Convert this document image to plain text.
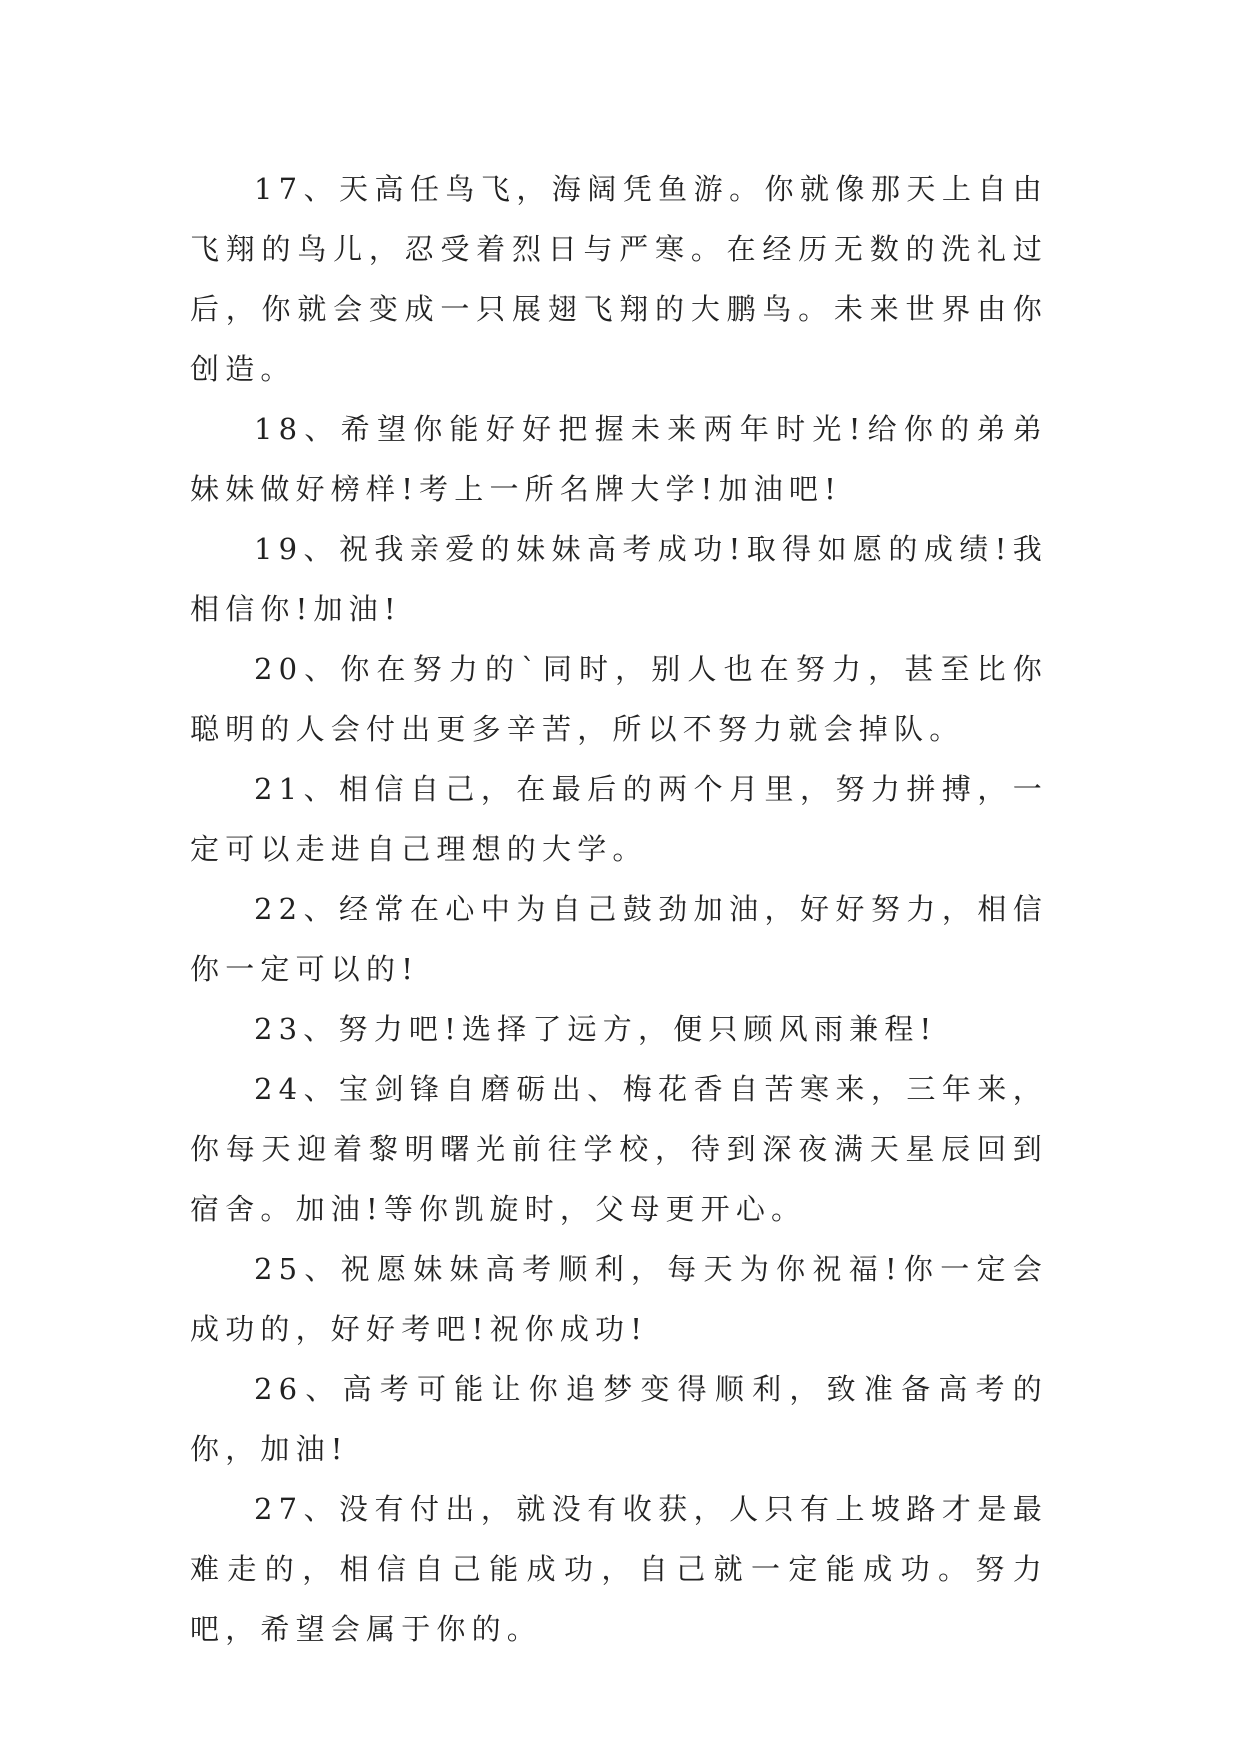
17、天高任鸟飞，海阔凭鱼游。你就像那天上自由飞翔的鸟儿，忍受着烈日与严寒。在经历无数的洗礼过后，你就会变成一只展翅飞翔的大鹏鸟。未来世界由你创造。

18、希望你能好好把握未来两年时光!给你的弟弟妹妹做好榜样!考上一所名牌大学!加油吧!

19、祝我亲爱的妹妹高考成功!取得如愿的成绩!我相信你!加油!

20、你在努力的`同时，别人也在努力，甚至比你聪明的人会付出更多辛苦，所以不努力就会掉队。

21、相信自己，在最后的两个月里，努力拼搏，一定可以走进自己理想的大学。

22、经常在心中为自己鼓劲加油，好好努力，相信你一定可以的!

23、努力吧!选择了远方，便只顾风雨兼程!

24、宝剑锋自磨砺出、梅花香自苦寒来，三年来，你每天迎着黎明曙光前往学校，待到深夜满天星辰回到宿舍。加油!等你凯旋时，父母更开心。

25、祝愿妹妹高考顺利，每天为你祝福!你一定会成功的，好好考吧!祝你成功!

26、高考可能让你追梦变得顺利，致准备高考的你，加油!

27、没有付出，就没有收获，人只有上坡路才是最难走的，相信自己能成功，自己就一定能成功。努力吧，希望会属于你的。
